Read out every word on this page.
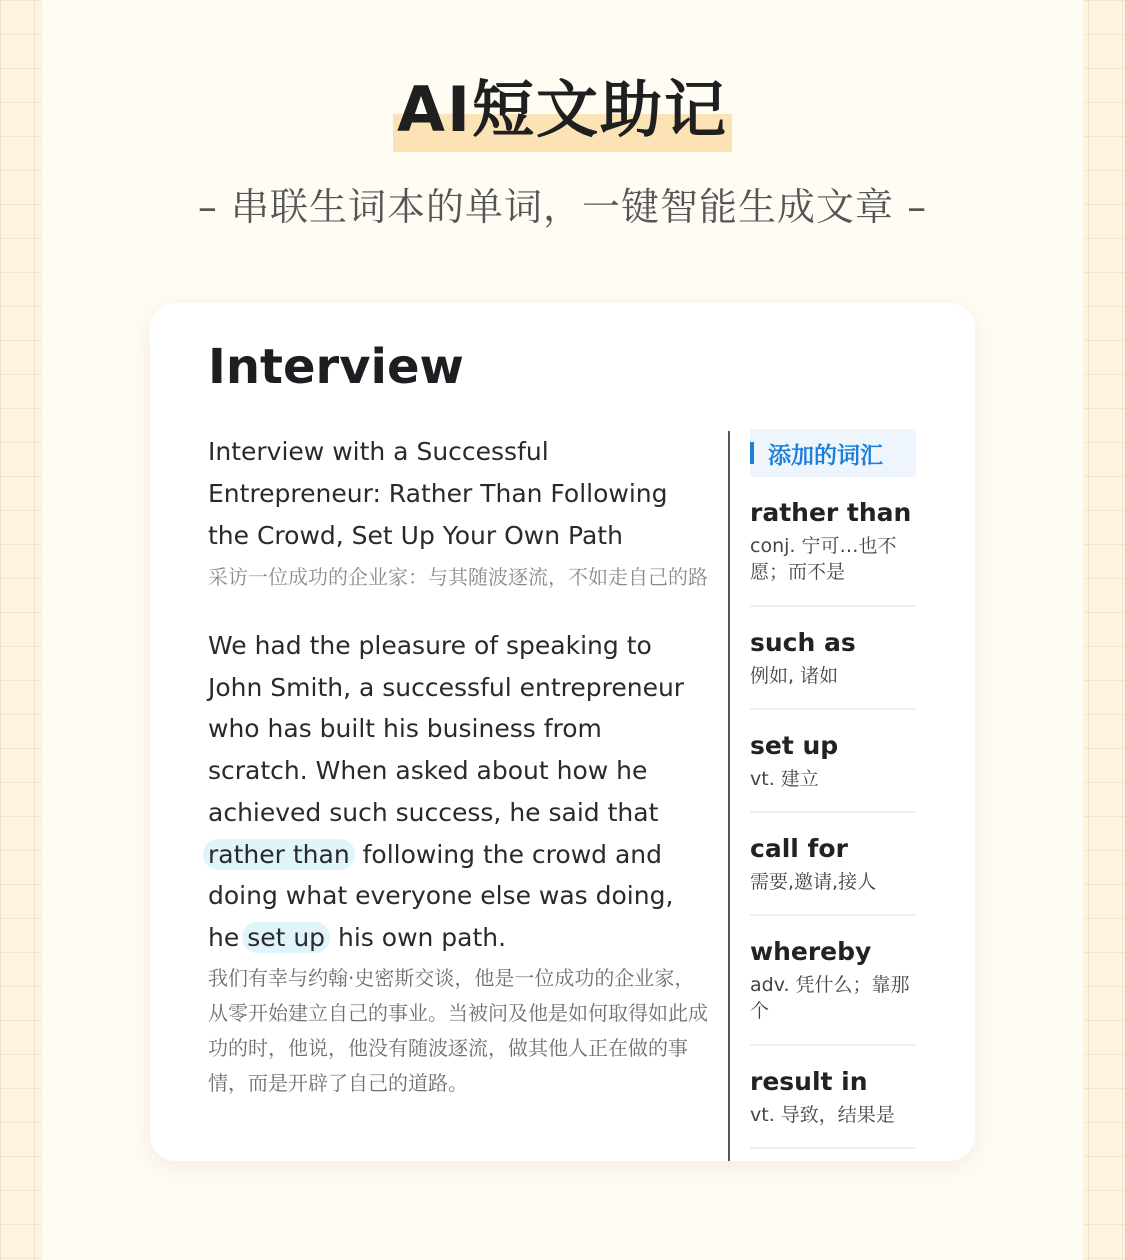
AI短文助记
– 串联生词本的单词，一键智能生成文章 –
Interview
Interview with a Successful Entrepreneur: Rather Than Following the Crowd, Set Up Your Own Path
采访一位成功的企业家：与其随波逐流，不如走自己的路
We had the pleasure of speaking to John Smith, a successful entrepreneur who has built his business from scratch. When asked about how he achieved such success, he said that rather than following the crowd and doing what everyone else was doing, he set up his own path.
我们有幸与约翰·史密斯交谈，他是一位成功的企业家，从零开始建立自己的事业。当被问及他是如何取得如此成功的时，他说，他没有随波逐流，做其他人正在做的事情，而是开辟了自己的道路。
添加的词汇
rather than
conj. 宁可…也不愿；而不是
such as
例如, 诸如
set up
vt. 建立
call for
需要,邀请,接人
whereby
adv. 凭什么；靠那个
result in
vt. 导致，结果是
